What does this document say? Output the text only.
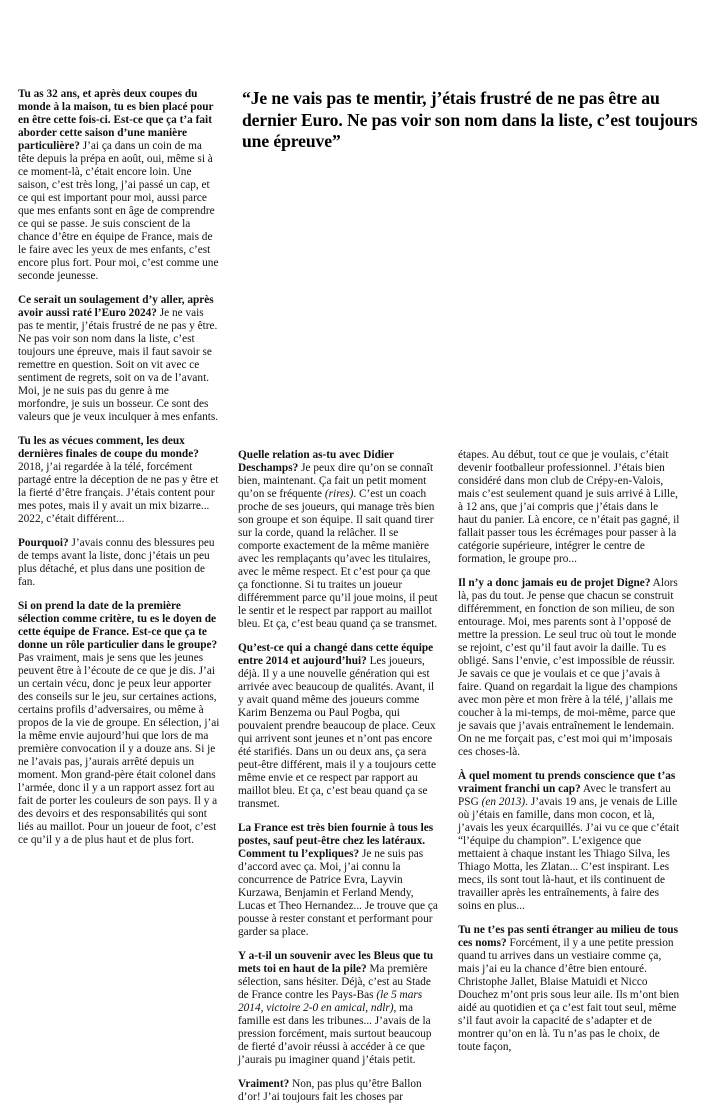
Tu as 32 ans, et après deux coupes du monde à la maison, tu es bien placé pour en être cette fois-ci. Est-ce que ça t’a fait aborder cette saison d’une manière particulière? J’ai ça dans un coin de ma tête depuis la prépa en août, oui, même si à ce moment-là, c’était encore loin. Une saison, c’est très long, j’ai passé un cap, et ce qui est important pour moi, aussi parce que mes enfants sont en âge de comprendre ce qui se passe. Je suis conscient de la chance d’être en équipe de France, mais de le faire avec les yeux de mes enfants, c’est encore plus fort. Pour moi, c’est comme une seconde jeunesse.

Ce serait un soulagement d’y aller, après avoir aussi raté l’Euro 2024? Je ne vais pas te mentir, j’étais frustré de ne pas y être. Ne pas voir son nom dans la liste, c’est toujours une épreuve, mais il faut savoir se remettre en question. Soit on vit avec ce sentiment de regrets, soit on va de l’avant. Moi, je ne suis pas du genre à me morfondre, je suis un bosseur. Ce sont des valeurs que je veux inculquer à mes enfants.

Tu les as vécues comment, les deux dernières finales de coupe du monde? 2018, j’ai regardée à la télé, forcément partagé entre la déception de ne pas y être et la fierté d’être français. J’étais content pour mes potes, mais il y avait un mix bizarre... 2022, c’était différent...

Pourquoi? J’avais connu des blessures peu de temps avant la liste, donc j’étais un peu plus détaché, et plus dans une position de fan.

Si on prend la date de la première sélection comme critère, tu es le doyen de cette équipe de France. Est-ce que ça te donne un rôle particulier dans le groupe? Pas vraiment, mais je sens que les jeunes peuvent être à l’écoute de ce que je dis. J’ai un certain vécu, donc je peux leur apporter des conseils sur le jeu, sur certaines actions, certains profils d’adversaires, ou même à propos de la vie de groupe. En sélection, j’ai la même envie aujourd’hui que lors de ma première convocation il y a douze ans. Si je ne l’avais pas, j’aurais arrêté depuis un moment. Mon grand-père était colonel dans l’armée, donc il y a un rapport assez fort au fait de porter les couleurs de son pays. Il y a des devoirs et des responsabilités qui sont liés au maillot. Pour un joueur de foot, c’est ce qu’il y a de plus haut et de plus fort.

“Je ne vais pas te mentir, j’étais frustré de ne pas être au dernier Euro. Ne pas voir son nom dans la liste, c’est toujours une épreuve”

Quelle relation as-tu avec Didier Deschamps? Je peux dire qu’on se connaît bien, maintenant. Ça fait un petit moment qu’on se fréquente (rires). C’est un coach proche de ses joueurs, qui manage très bien son groupe et son équipe. Il sait quand tirer sur la corde, quand la relâcher. Il se comporte exactement de la même manière avec les remplaçants qu’avec les titulaires, avec le même respect. Et c’est pour ça que ça fonctionne. Si tu traites un joueur différemment parce qu’il joue moins, il peut le sentir et le respect par rapport au maillot bleu. Et ça, c’est beau quand ça se transmet.

Qu’est-ce qui a changé dans cette équipe entre 2014 et aujourd’hui? Les joueurs, déjà. Il y a une nouvelle génération qui est arrivée avec beaucoup de qualités. Avant, il y avait quand même des joueurs comme Karim Benzema ou Paul Pogba, qui pouvaient prendre beaucoup de place. Ceux qui arrivent sont jeunes et n’ont pas encore été starifiés. Dans un ou deux ans, ça sera peut-être différent, mais il y a toujours cette même envie et ce respect par rapport au maillot bleu. Et ça, c’est beau quand ça se transmet.

La France est très bien fournie à tous les postes, sauf peut-être chez les latéraux. Comment tu l’expliques? Je ne suis pas d’accord avec ça. Moi, j’ai connu la concurrence de Patrice Evra, Layvin Kurzawa, Benjamin et Ferland Mendy, Lucas et Theo Hernandez... Je trouve que ça pousse à rester constant et performant pour garder sa place.

Y a-t-il un souvenir avec les Bleus que tu mets toi en haut de la pile? Ma première sélection, sans hésiter. Déjà, c’est au Stade de France contre les Pays-Bas (le 5 mars 2014, victoire 2-0 en amical, ndlr), ma famille est dans les tribunes... J’avais de la pression forcément, mais surtout beaucoup de fierté d’avoir réussi à accéder à ce que j’aurais pu imaginer quand j’étais petit.

Vraiment? Non, pas plus qu’être Ballon d’or! J’ai toujours fait les choses par

étapes. Au début, tout ce que je voulais, c’était devenir footballeur professionnel. J’étais bien considéré dans mon club de Crépy-en-Valois, mais c’est seulement quand je suis arrivé à Lille, à 12 ans, que j’ai compris que j’étais dans le haut du panier. Là encore, ce n’était pas gagné, il fallait passer tous les écrémages pour passer à la catégorie supérieure, intégrer le centre de formation, le groupe pro...

Il n’y a donc jamais eu de projet Digne? Alors là, pas du tout. Je pense que chacun se construit différemment, en fonction de son milieu, de son entourage. Moi, mes parents sont à l’opposé de mettre la pression. Le seul truc où tout le monde se rejoint, c’est qu’il faut avoir la daille. Tu es obligé. Sans l’envie, c’est impossible de réussir. Je savais ce que je voulais et ce que j’avais à faire. Quand on regardait la ligue des champions avec mon père et mon frère à la télé, j’allais me coucher à la mi-temps, de moi-même, parce que je savais que j’avais entraînement le lendemain. On ne me forçait pas, c’est moi qui m’imposais ces choses-là.

À quel moment tu prends conscience que t’as vraiment franchi un cap? Avec le transfert au PSG (en 2013). J’avais 19 ans, je venais de Lille où j’étais en famille, dans mon cocon, et là, j’avais les yeux écarquillés. J’ai vu ce que c’était “l’équipe du champion”. L’exigence que mettaient à chaque instant les Thiago Silva, les Thiago Motta, les Zlatan... C’est inspirant. Les mecs, ils sont tout là-haut, et ils continuent de travailler après les entraînements, à faire des soins en plus...

Tu ne t’es pas senti étranger au milieu de tous ces noms? Forcément, il y a une petite pression quand tu arrives dans un vestiaire comme ça, mais j’ai eu la chance d’être bien entouré. Christophe Jallet, Blaise Matuidi et Nicco Douchez m’ont pris sous leur aile. Ils m’ont bien aidé au quotidien et ça c’est fait tout seul, même s’il faut avoir la capacité de s’adapter et de montrer qu’on en là. Tu n’as pas le choix, de toute façon,
